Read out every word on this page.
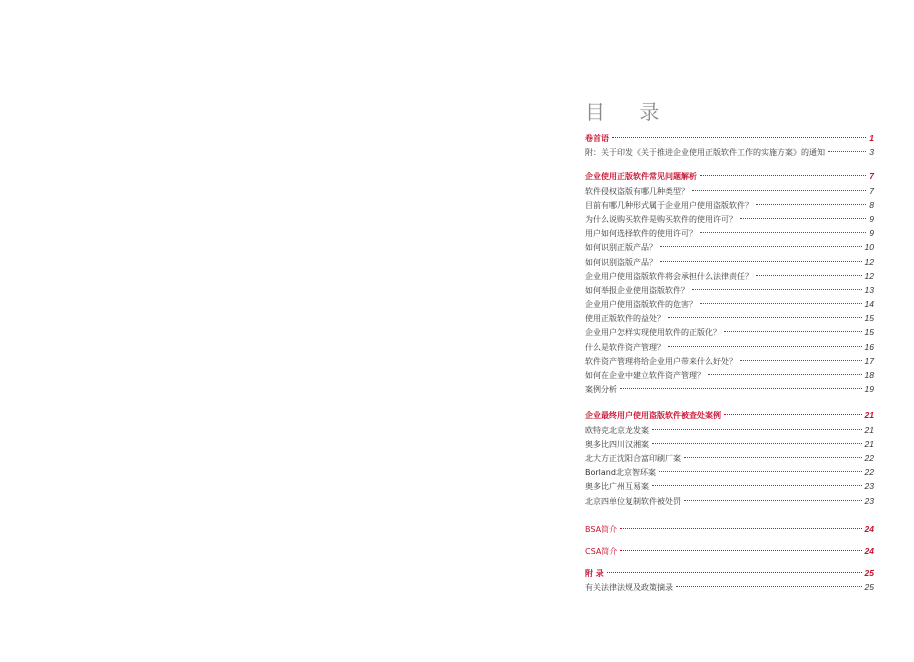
目 录
卷首语	1
附：关于印发《关于推进企业使用正版软件工作的实施方案》的通知	3
企业使用正版软件常见问题解析	7
软件侵权盗版有哪几种类型？	7
目前有哪几种形式属于企业用户使用盗版软件？	8
为什么说购买软件是购买软件的使用许可？	9
用户如何选择软件的使用许可？	9
如何识别正版产品？	10
如何识别盗版产品？	12
企业用户使用盗版软件将会承担什么法律责任？	12
如何举报企业使用盗版软件？	13
企业用户使用盗版软件的危害？	14
使用正版软件的益处？	15
企业用户怎样实现使用软件的正版化？	15
什么是软件资产管理？	16
软件资产管理将给企业用户带来什么好处？	17
如何在企业中建立软件资产管理？	18
案例分析	19
企业最终用户使用盗版软件被查处案例	21
欧特克北京龙发案	21
奥多比四川汉湘案	21
北大方正沈阳合富印刷厂案	22
Borland北京智环案	22
奥多比广州互易案	23
北京四单位复制软件被处罚	23
BSA简介	24
CSA简介	24
附 录	25
有关法律法规及政策摘录	25
